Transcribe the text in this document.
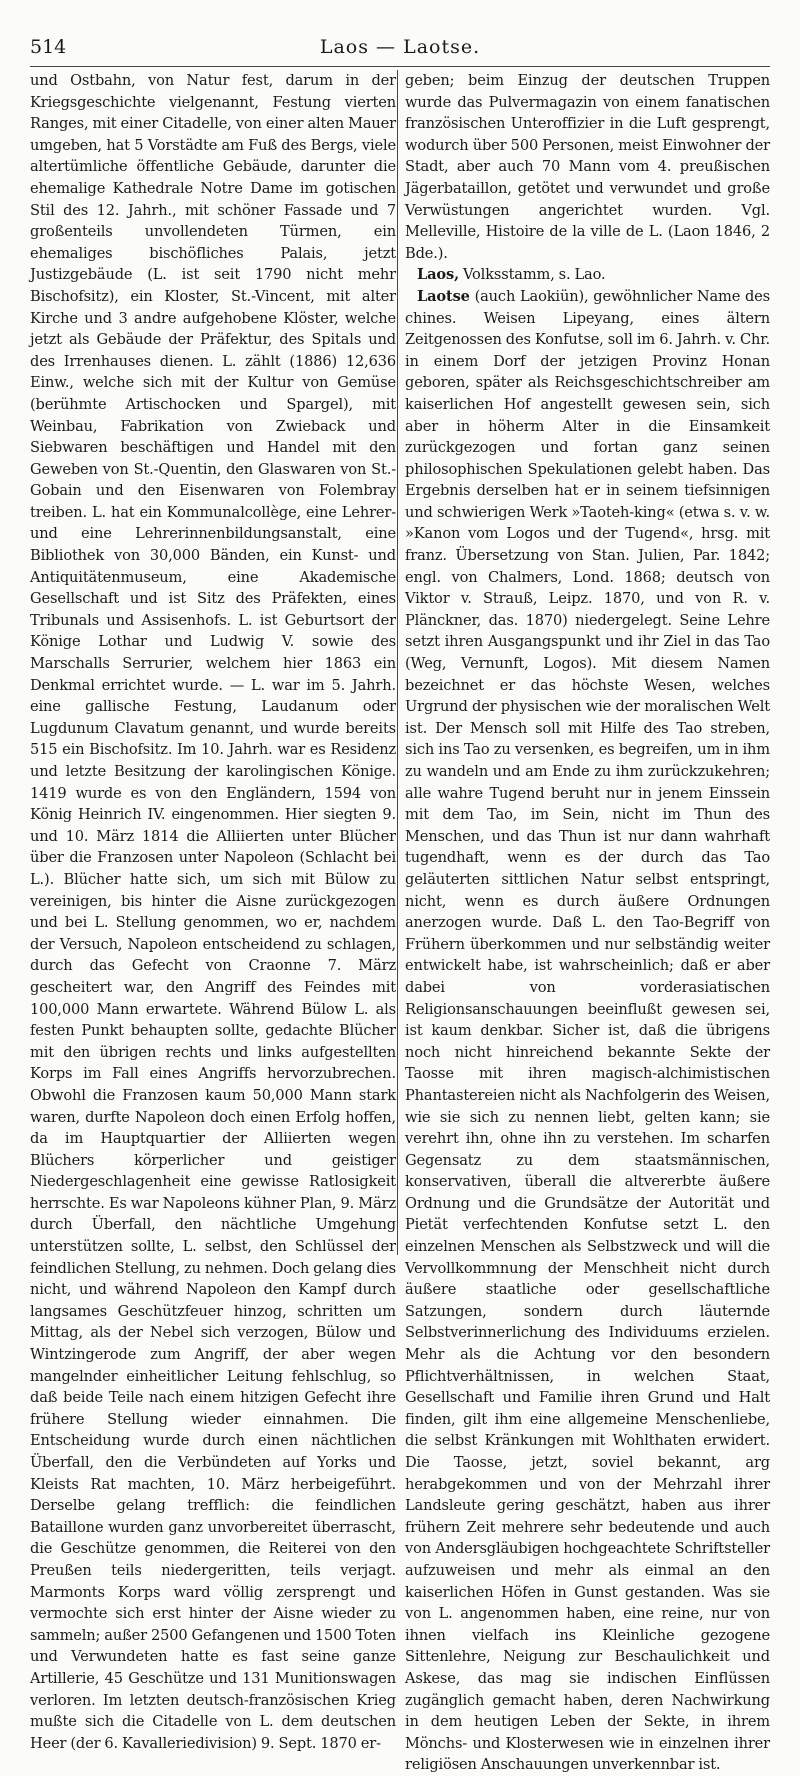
514	Laos — Laotse.

und Ostbahn, von Natur fest, darum in der Kriegsgeschichte vielgenannt, Festung vierten Ranges, mit einer Citadelle, von einer alten Mauer umgeben, hat 5 Vorstädte am Fuß des Bergs, viele altertümliche öffentliche Gebäude, darunter die ehemalige Kathedrale Notre Dame im gotischen Stil des 12. Jahrh., mit schöner Fassade und 7 großenteils unvollendeten Türmen, ein ehemaliges bischöfliches Palais, jetzt Justizgebäude (L. ist seit 1790 nicht mehr Bischofsitz), ein Kloster, St.-Vincent, mit alter Kirche und 3 andre aufgehobene Klöster, welche jetzt als Gebäude der Präfektur, des Spitals und des Irrenhauses dienen. L. zählt (1886) 12,636 Einw., welche sich mit der Kultur von Gemüse (berühmte Artischocken und Spargel), mit Weinbau, Fabrikation von Zwieback und Siebwaren beschäftigen und Handel mit den Geweben von St.-Quentin, den Glaswaren von St.-Gobain und den Eisenwaren von Folembray treiben. L. hat ein Kommunalcollège, eine Lehrer- und eine Lehrerinnenbildungsanstalt, eine Bibliothek von 30,000 Bänden, ein Kunst- und Antiquitätenmuseum, eine Akademische Gesellschaft und ist Sitz des Präfekten, eines Tribunals und Assisenhofs. L. ist Geburtsort der Könige Lothar und Ludwig V. sowie des Marschalls Serrurier, welchem hier 1863 ein Denkmal errichtet wurde. — L. war im 5. Jahrh. eine gallische Festung, Laudanum oder Lugdunum Clavatum genannt, und wurde bereits 515 ein Bischofsitz. Im 10. Jahrh. war es Residenz und letzte Besitzung der karolingischen Könige. 1419 wurde es von den Engländern, 1594 von König Heinrich IV. eingenommen. Hier siegten 9. und 10. März 1814 die Alliierten unter Blücher über die Franzosen unter Napoleon (Schlacht bei L.). Blücher hatte sich, um sich mit Bülow zu vereinigen, bis hinter die Aisne zurückgezogen und bei L. Stellung genommen, wo er, nachdem der Versuch, Napoleon entscheidend zu schlagen, durch das Gefecht von Craonne 7. März gescheitert war, den Angriff des Feindes mit 100,000 Mann erwartete. Während Bülow L. als festen Punkt behaupten sollte, gedachte Blücher mit den übrigen rechts und links aufgestellten Korps im Fall eines Angriffs hervorzubrechen. Obwohl die Franzosen kaum 50,000 Mann stark waren, durfte Napoleon doch einen Erfolg hoffen, da im Hauptquartier der Alliierten wegen Blüchers körperlicher und geistiger Niedergeschlagenheit eine gewisse Ratlosigkeit herrschte. Es war Napoleons kühner Plan, 9. März durch Überfall, den nächtliche Umgehung unterstützen sollte, L. selbst, den Schlüssel der feindlichen Stellung, zu nehmen. Doch gelang dies nicht, und während Napoleon den Kampf durch langsames Geschützfeuer hinzog, schritten um Mittag, als der Nebel sich verzogen, Bülow und Wintzingerode zum Angriff, der aber wegen mangelnder einheitlicher Leitung fehlschlug, so daß beide Teile nach einem hitzigen Gefecht ihre frühere Stellung wieder einnahmen. Die Entscheidung wurde durch einen nächtlichen Überfall, den die Verbündeten auf Yorks und Kleists Rat machten, 10. März herbeigeführt. Derselbe gelang trefflich: die feindlichen Bataillone wurden ganz unvorbereitet überrascht, die Geschütze genommen, die Reiterei von den Preußen teils niedergeritten, teils verjagt. Marmonts Korps ward völlig zersprengt und vermochte sich erst hinter der Aisne wieder zu sammeln; außer 2500 Gefangenen und 1500 Toten und Verwundeten hatte es fast seine ganze Artillerie, 45 Geschütze und 131 Munitionswagen verloren. Im letzten deutsch-französischen Krieg mußte sich die Citadelle von L. dem deutschen Heer (der 6. Kavalleriedivision) 9. Sept. 1870 er-

geben; beim Einzug der deutschen Truppen wurde das Pulvermagazin von einem fanatischen französischen Unteroffizier in die Luft gesprengt, wodurch über 500 Personen, meist Einwohner der Stadt, aber auch 70 Mann vom 4. preußischen Jägerbataillon, getötet und verwundet und große Verwüstungen angerichtet wurden. Vgl. Melleville, Histoire de la ville de L. (Laon 1846, 2 Bde.).

Laos, Volksstamm, s. Lao.

Laotse (auch Laokiün), gewöhnlicher Name des chines. Weisen Lipeyang, eines ältern Zeitgenossen des Konfutse, soll im 6. Jahrh. v. Chr. in einem Dorf der jetzigen Provinz Honan geboren, später als Reichsgeschichtschreiber am kaiserlichen Hof angestellt gewesen sein, sich aber in höherm Alter in die Einsamkeit zurückgezogen und fortan ganz seinen philosophischen Spekulationen gelebt haben. Das Ergebnis derselben hat er in seinem tiefsinnigen und schwierigen Werk »Taoteh-king« (etwa s. v. w. »Kanon vom Logos und der Tugend«, hrsg. mit franz. Übersetzung von Stan. Julien, Par. 1842; engl. von Chalmers, Lond. 1868; deutsch von Viktor v. Strauß, Leipz. 1870, und von R. v. Plänckner, das. 1870) niedergelegt. Seine Lehre setzt ihren Ausgangspunkt und ihr Ziel in das Tao (Weg, Vernunft, Logos). Mit diesem Namen bezeichnet er das höchste Wesen, welches Urgrund der physischen wie der moralischen Welt ist. Der Mensch soll mit Hilfe des Tao streben, sich ins Tao zu versenken, es begreifen, um in ihm zu wandeln und am Ende zu ihm zurückzukehren; alle wahre Tugend beruht nur in jenem Einssein mit dem Tao, im Sein, nicht im Thun des Menschen, und das Thun ist nur dann wahrhaft tugendhaft, wenn es der durch das Tao geläuterten sittlichen Natur selbst entspringt, nicht, wenn es durch äußere Ordnungen anerzogen wurde. Daß L. den Tao-Begriff von Frühern überkommen und nur selbständig weiter entwickelt habe, ist wahrscheinlich; daß er aber dabei von vorderasiatischen Religionsanschauungen beeinflußt gewesen sei, ist kaum denkbar. Sicher ist, daß die übrigens noch nicht hinreichend bekannte Sekte der Taosse mit ihren magisch-alchimistischen Phantastereien nicht als Nachfolgerin des Weisen, wie sie sich zu nennen liebt, gelten kann; sie verehrt ihn, ohne ihn zu verstehen. Im scharfen Gegensatz zu dem staatsmännischen, konservativen, überall die altvererbte äußere Ordnung und die Grundsätze der Autorität und Pietät verfechtenden Konfutse setzt L. den einzelnen Menschen als Selbstzweck und will die Vervollkommnung der Menschheit nicht durch äußere staatliche oder gesellschaftliche Satzungen, sondern durch läuternde Selbstverinnerlichung des Individuums erzielen. Mehr als die Achtung vor den besondern Pflichtverhältnissen, in welchen Staat, Gesellschaft und Familie ihren Grund und Halt finden, gilt ihm eine allgemeine Menschenliebe, die selbst Kränkungen mit Wohlthaten erwidert. Die Taosse, jetzt, soviel bekannt, arg herabgekommen und von der Mehrzahl ihrer Landsleute gering geschätzt, haben aus ihrer frühern Zeit mehrere sehr bedeutende und auch von Andersgläubigen hochgeachtete Schriftsteller aufzuweisen und mehr als einmal an den kaiserlichen Höfen in Gunst gestanden. Was sie von L. angenommen haben, eine reine, nur von ihnen vielfach ins Kleinliche gezogene Sittenlehre, Neigung zur Beschaulichkeit und Askese, das mag sie indischen Einflüssen zugänglich gemacht haben, deren Nachwirkung in dem heutigen Leben der Sekte, in ihrem Mönchs- und Klosterwesen wie in einzelnen ihrer religiösen Anschauungen unverkennbar ist.
